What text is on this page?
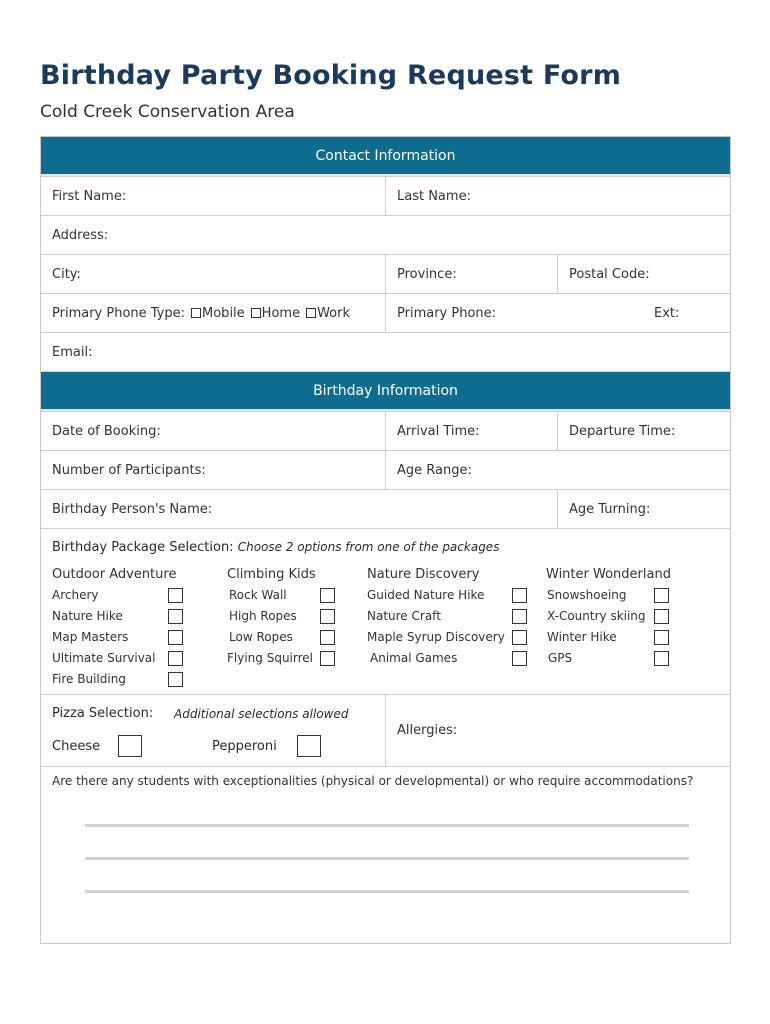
Birthday Party Booking Request Form
Cold Creek Conservation Area
Contact Information
First Name:	Last Name:
Address:
City:	Province:	Postal Code:
Primary Phone Type: Mobile Home Work	Primary Phone:	Ext:
Email:
Birthday Information
Date of Booking:	Arrival Time:	Departure Time:
Number of Participants:	Age Range:
Birthday Person's Name:	Age Turning:
Birthday Package Selection: Choose 2 options from one of the packages
Outdoor Adventure
Archery
Nature Hike
Map Masters
Ultimate Survival
Fire Building
Climbing Kids
Rock Wall
High Ropes
Low Ropes
Flying Squirrel
Nature Discovery
Guided Nature Hike
Nature Craft
Maple Syrup Discovery
Animal Games
Winter Wonderland
Snowshoeing
X-Country skiing
Winter Hike
GPS
Pizza Selection: Additional selections allowed
Cheese	Pepperoni
Allergies:
Are there any students with exceptionalities (physical or developmental) or who require accommodations?
